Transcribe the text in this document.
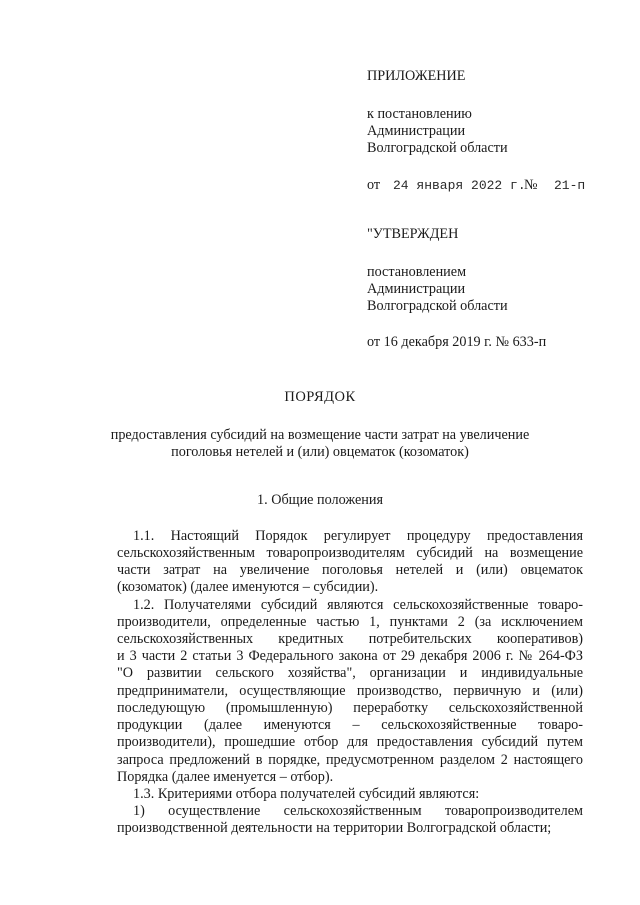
ПРИЛОЖЕНИЕ
к постановлению
Администрации
Волгоградской области
от 24 января 2022 г.
№ 21-п
"УТВЕРЖДЕН
постановлением
Администрации
Волгоградской области
от 16 декабря 2019 г. № 633-п
ПОРЯДОК
предоставления субсидий на возмещение части затрат на увеличение
поголовья нетелей и (или) овцематок (козоматок)
1. Общие положения
1.1. Настоящий Порядок регулирует процедуру предоставления
сельскохозяйственным товаропроизводителям субсидий на возмещение
части затрат на увеличение поголовья нетелей и (или) овцематок
(козоматок) (далее именуются – субсидии).
1.2. Получателями субсидий являются сельскохозяйственные товаро-
производители, определенные частью 1, пунктами 2 (за исключением
сельскохозяйственных кредитных потребительских кооперативов)
и 3 части 2 статьи 3 Федерального закона от 29 декабря 2006 г. № 264-ФЗ
"О развитии сельского хозяйства", организации и индивидуальные
предприниматели, осуществляющие производство, первичную и (или)
последующую (промышленную) переработку сельскохозяйственной
продукции (далее именуются – сельскохозяйственные товаро-
производители), прошедшие отбор для предоставления субсидий путем
запроса предложений в порядке, предусмотренном разделом 2 настоящего
Порядка (далее именуется – отбор).
1.3. Критериями отбора получателей субсидий являются:
1) осуществление сельскохозяйственным товаропроизводителем
производственной деятельности на территории Волгоградской области;
